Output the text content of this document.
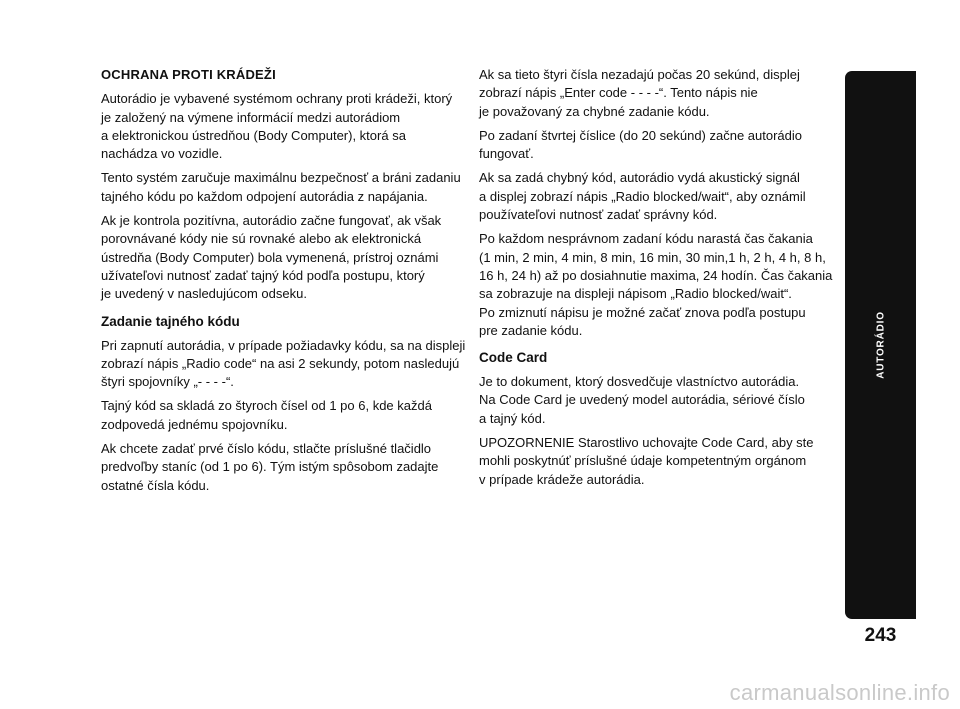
OCHRANA PROTI KRÁDEŽI

Autorádio je vybavené systémom ochrany proti krádeži, ktorý
je založený na výmene informácií medzi autorádiom
a elektronickou ústredňou (Body Computer), ktorá sa
nachádza vo vozidle.

Tento systém zaručuje maximálnu bezpečnosť a bráni zadaniu
tajného kódu po každom odpojení autorádia z napájania.

Ak je kontrola pozitívna, autorádio začne fungovať, ak však
porovnávané kódy nie sú rovnaké alebo ak elektronická
ústredňa (Body Computer) bola vymenená, prístroj oznámi
užívateľovi nutnosť zadať tajný kód podľa postupu, ktorý
je uvedený v nasledujúcom odseku.

Zadanie tajného kódu

Pri zapnutí autorádia, v prípade požiadavky kódu, sa na displeji
zobrazí nápis „Radio code“ na asi 2 sekundy, potom nasledujú
štyri spojovníky „- - - -“.

Tajný kód sa skladá zo štyroch čísel od 1 po 6, kde každá
zodpovedá jednému spojovníku.

Ak chcete zadať prvé číslo kódu, stlačte príslušné tlačidlo
predvoľby staníc (od 1 po 6). Tým istým spôsobom zadajte
ostatné čísla kódu.

Ak sa tieto štyri čísla nezadajú počas 20 sekúnd, displej
zobrazí nápis „Enter code - - - -“. Tento nápis nie
je považovaný za chybné zadanie kódu.

Po zadaní štvrtej číslice (do 20 sekúnd) začne autorádio
fungovať.

Ak sa zadá chybný kód, autorádio vydá akustický signál
a displej zobrazí nápis „Radio blocked/wait“, aby oznámil
používateľovi nutnosť zadať správny kód.

Po každom nesprávnom zadaní kódu narastá čas čakania
(1 min, 2 min, 4 min, 8 min, 16 min, 30 min,1 h, 2 h, 4 h, 8 h,
16 h, 24 h) až po dosiahnutie maxima, 24 hodín. Čas čakania
sa zobrazuje na displeji nápisom „Radio blocked/wait“.
Po zmiznutí nápisu je možné začať znova podľa postupu
pre zadanie kódu.

Code Card

Je to dokument, ktorý dosvedčuje vlastníctvo autorádia.
Na Code Card je uvedený model autorádia, sériové číslo
a tajný kód.

UPOZORNENIE Starostlivo uchovajte Code Card, aby ste
mohli poskytnúť príslušné údaje kompetentným orgánom
v prípade krádeže autorádia.

AUTORÁDIO
243
carmanualsonline.info
